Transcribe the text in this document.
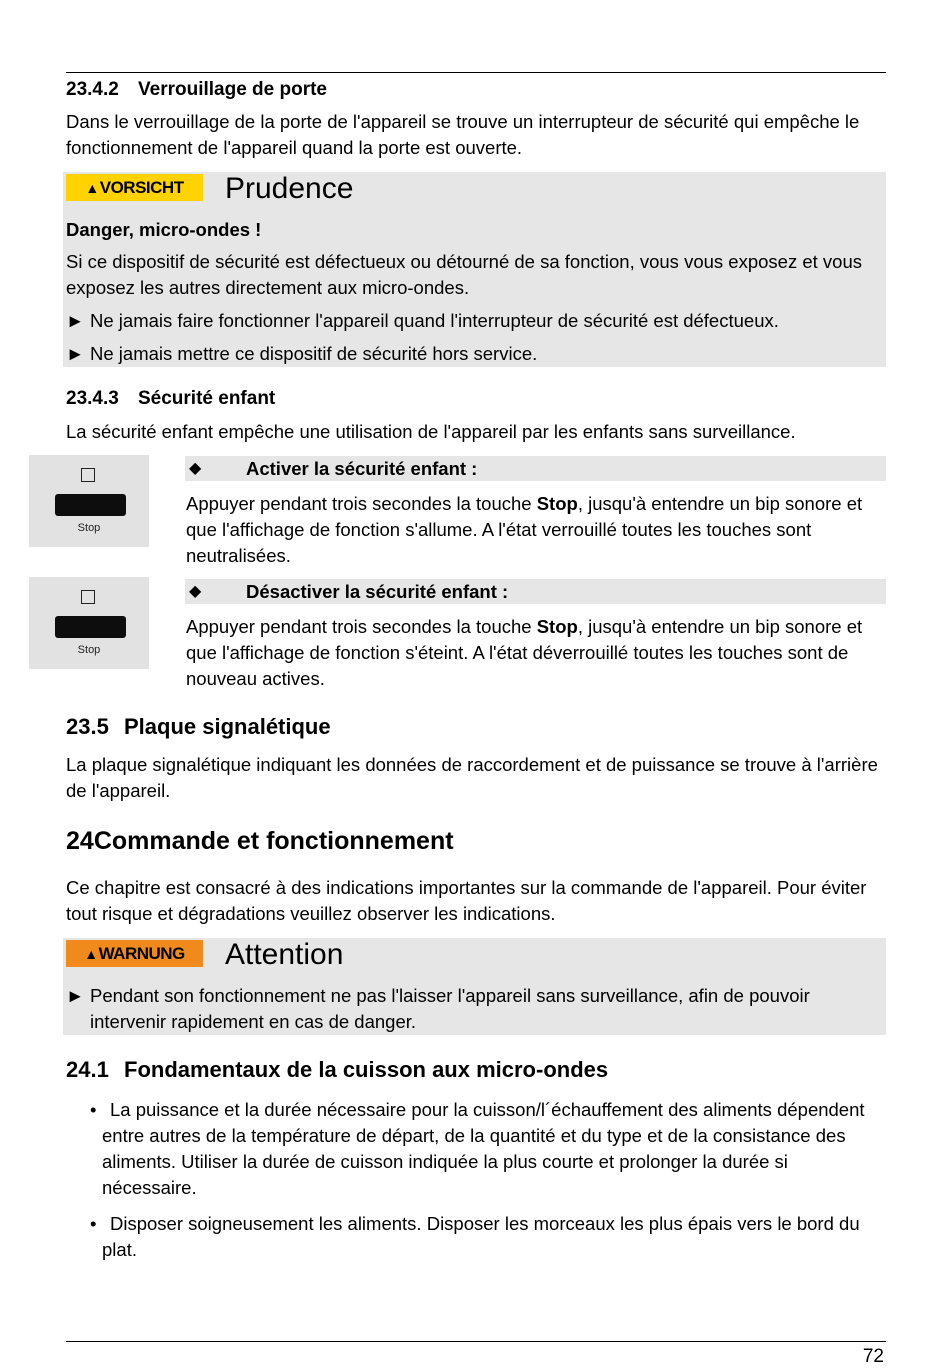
23.4.2 Verrouillage de porte
Dans le verrouillage de la porte de l'appareil se trouve un interrupteur de sécurité qui empêche le fonctionnement de l'appareil quand la porte est ouverte.
▲VORSICHT	Prudence
Danger, micro-ondes !
Si ce dispositif de sécurité est défectueux ou détourné de sa fonction, vous vous exposez et vous exposez les autres directement aux micro-ondes.
► Ne jamais faire fonctionner l'appareil quand l'interrupteur de sécurité est défectueux.
► Ne jamais mettre ce dispositif de sécurité hors service.
23.4.3 Sécurité enfant
La sécurité enfant empêche une utilisation de l'appareil par les enfants sans surveillance.
Stop
◆ Activer la sécurité enfant :
Appuyer pendant trois secondes la touche Stop, jusqu'à entendre un bip sonore et que l'affichage de fonction s'allume. A l'état verrouillé toutes les touches sont neutralisées.
Stop
◆ Désactiver la sécurité enfant :
Appuyer pendant trois secondes la touche Stop, jusqu'à entendre un bip sonore et que l'affichage de fonction s'éteint. A l'état déverrouillé toutes les touches sont de nouveau actives.
23.5 Plaque signalétique
La plaque signalétique indiquant les données de raccordement et de puissance se trouve à l'arrière de l'appareil.
24Commande et fonctionnement
Ce chapitre est consacré à des indications importantes sur la commande de l'appareil. Pour éviter tout risque et dégradations veuillez observer les indications.
▲WARNUNG	Attention
► Pendant son fonctionnement ne pas l'laisser l'appareil sans surveillance, afin de pouvoir intervenir rapidement en cas de danger.
24.1 Fondamentaux de la cuisson aux micro-ondes
• La puissance et la durée nécessaire pour la cuisson/l´échauffement des aliments dépendent entre autres de la température de départ, de la quantité et du type et de la consistance des aliments. Utiliser la durée de cuisson indiquée la plus courte et prolonger la durée si nécessaire.
• Disposer soigneusement les aliments. Disposer les morceaux les plus épais vers le bord du plat.
72
